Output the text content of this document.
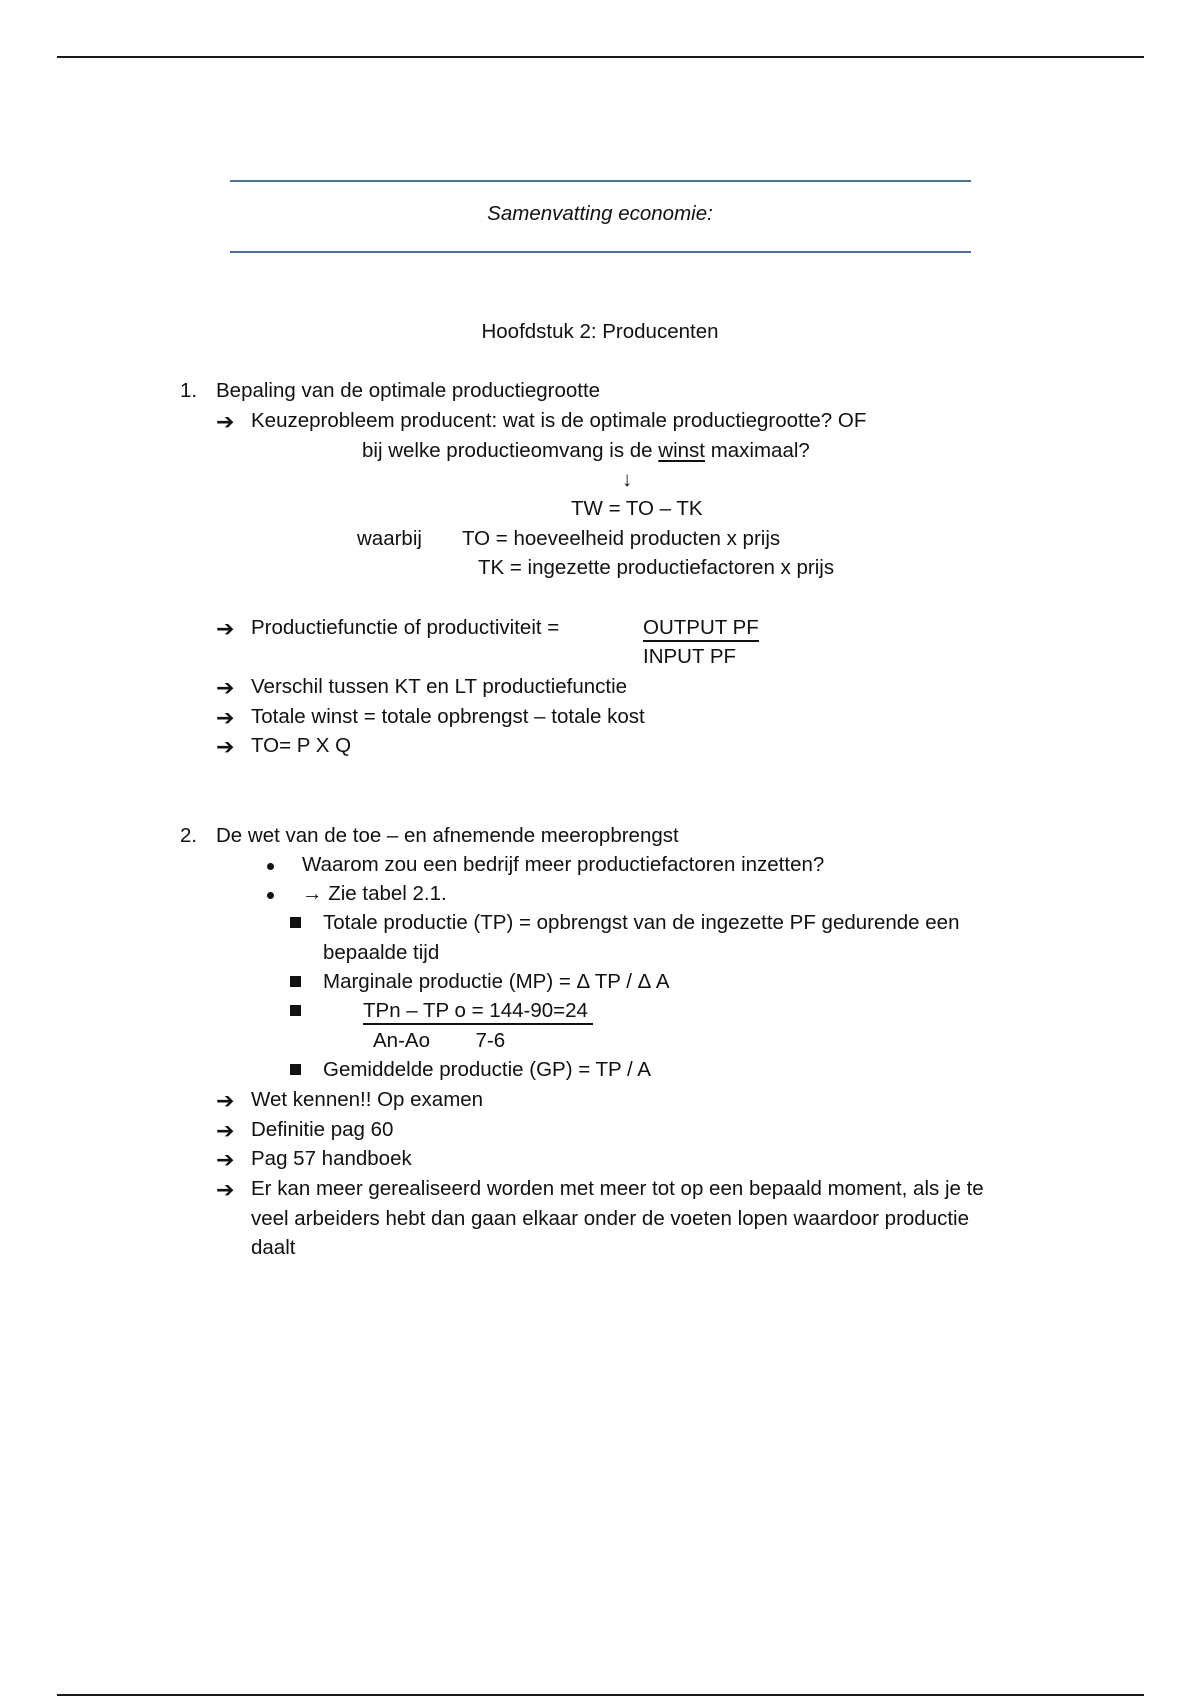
Samenvatting economie:
Hoofdstuk 2: Producenten
1. Bepaling van de optimale productiegrootte
➔ Keuzeprobleem producent: wat is de optimale productiegrootte? OF
bij welke productieomvang is de winst maximaal?
↓
TW = TO – TK
waarbij TO = hoeveelheid producten x prijs
TK = ingezette productiefactoren x prijs
➔ Productiefunctie of productiviteit =	OUTPUT PF
INPUT PF
➔ Verschil tussen KT en LT productiefunctie
➔ Totale winst = totale opbrengst – totale kost
➔ TO= P X Q
2. De wet van de toe – en afnemende meeropbrengst
Waarom zou een bedrijf meer productiefactoren inzetten?
→ Zie tabel 2.1.
Totale productie (TP) = opbrengst van de ingezette PF gedurende een
bepaalde tijd
Marginale productie (MP) = Δ TP / Δ A
TPn – TP o = 144-90=24
An-Ao        7-6
Gemiddelde productie (GP) = TP / A
➔ Wet kennen!! Op examen
➔ Definitie pag 60
➔ Pag 57 handboek
➔ Er kan meer gerealiseerd worden met meer tot op een bepaald moment, als je te
veel arbeiders hebt dan gaan elkaar onder de voeten lopen waardoor productie
daalt
